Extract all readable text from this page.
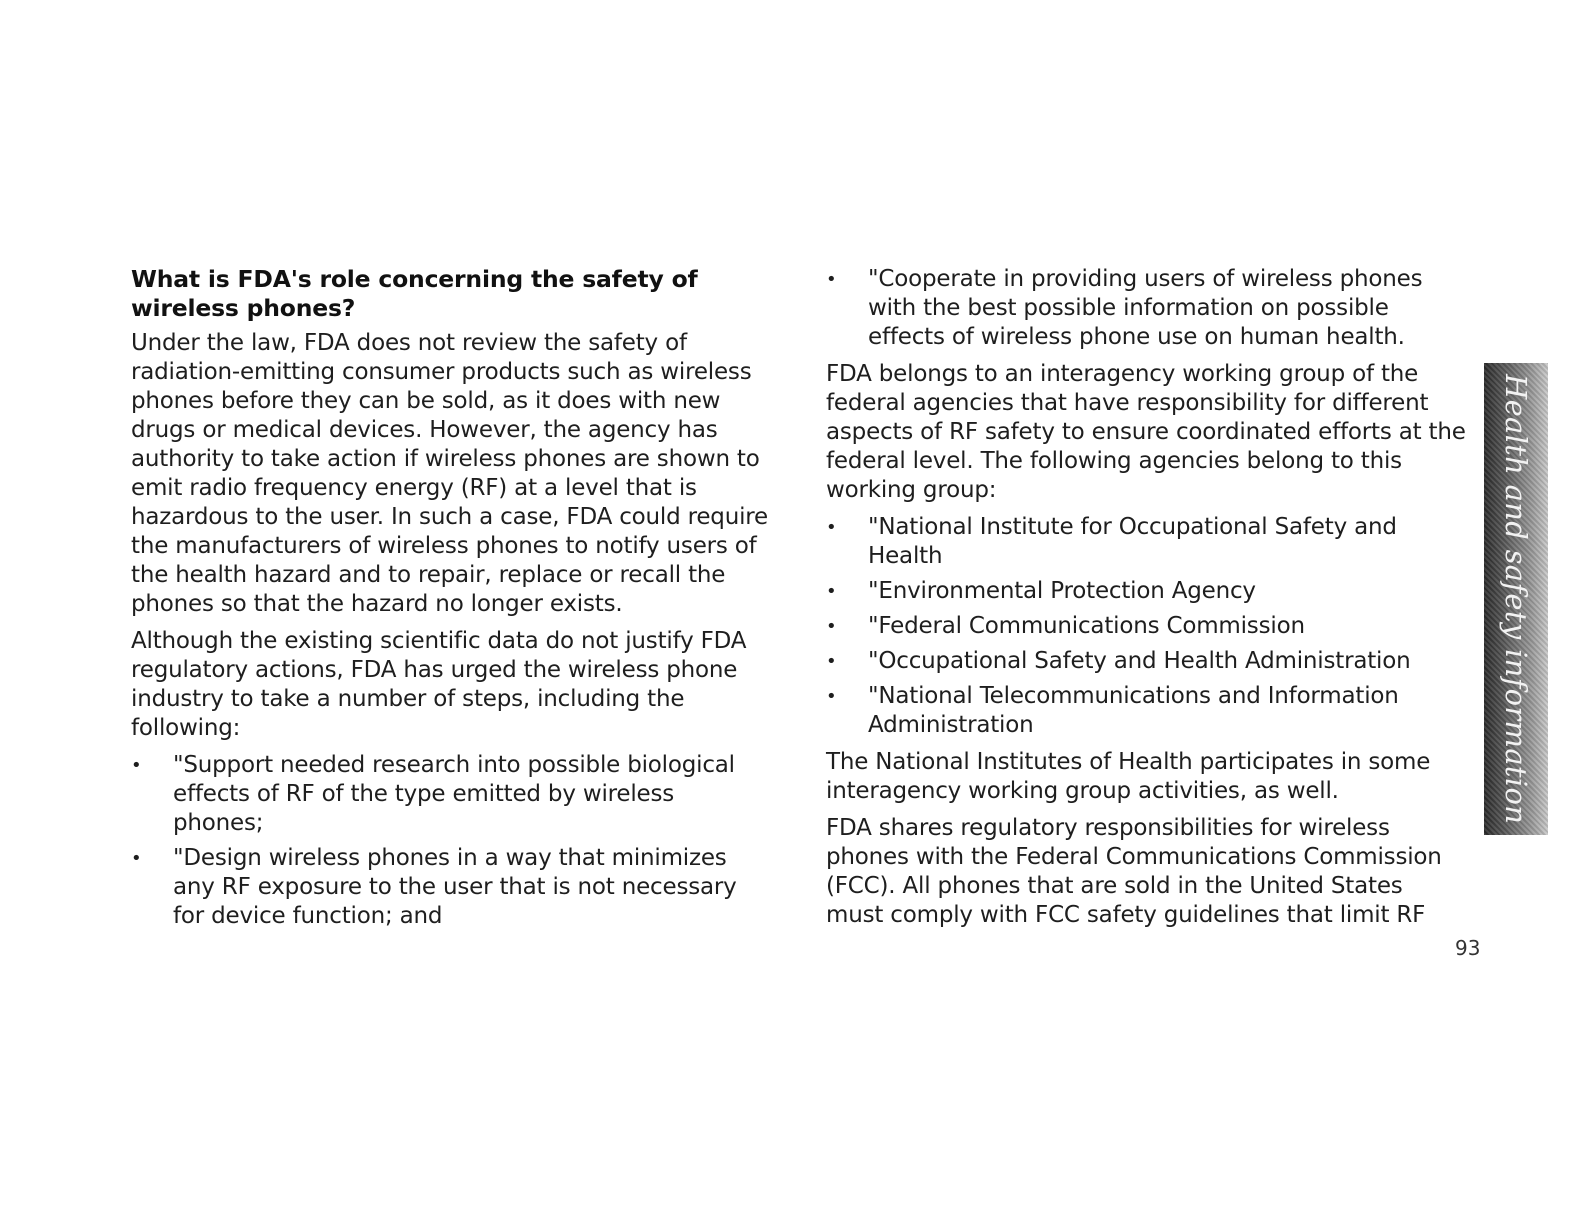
What is FDA's role concerning the safety of wireless phones?

Under the law, FDA does not review the safety of radiation-emitting consumer products such as wireless phones before they can be sold, as it does with new drugs or medical devices. However, the agency has authority to take action if wireless phones are shown to emit radio frequency energy (RF) at a level that is hazardous to the user. In such a case, FDA could require the manufacturers of wireless phones to notify users of the health hazard and to repair, replace or recall the phones so that the hazard no longer exists.

Although the existing scientific data do not justify FDA regulatory actions, FDA has urged the wireless phone industry to take a number of steps, including the following:

• "Support needed research into possible biological effects of RF of the type emitted by wireless phones;
• "Design wireless phones in a way that minimizes any RF exposure to the user that is not necessary for device function; and
• "Cooperate in providing users of wireless phones with the best possible information on possible effects of wireless phone use on human health.

FDA belongs to an interagency working group of the federal agencies that have responsibility for different aspects of RF safety to ensure coordinated efforts at the federal level. The following agencies belong to this working group:

• "National Institute for Occupational Safety and Health
• "Environmental Protection Agency
• "Federal Communications Commission
• "Occupational Safety and Health Administration
• "National Telecommunications and Information Administration

The National Institutes of Health participates in some interagency working group activities, as well.

FDA shares regulatory responsibilities for wireless phones with the Federal Communications Commission (FCC). All phones that are sold in the United States must comply with FCC safety guidelines that limit RF

Health and safety information
93
